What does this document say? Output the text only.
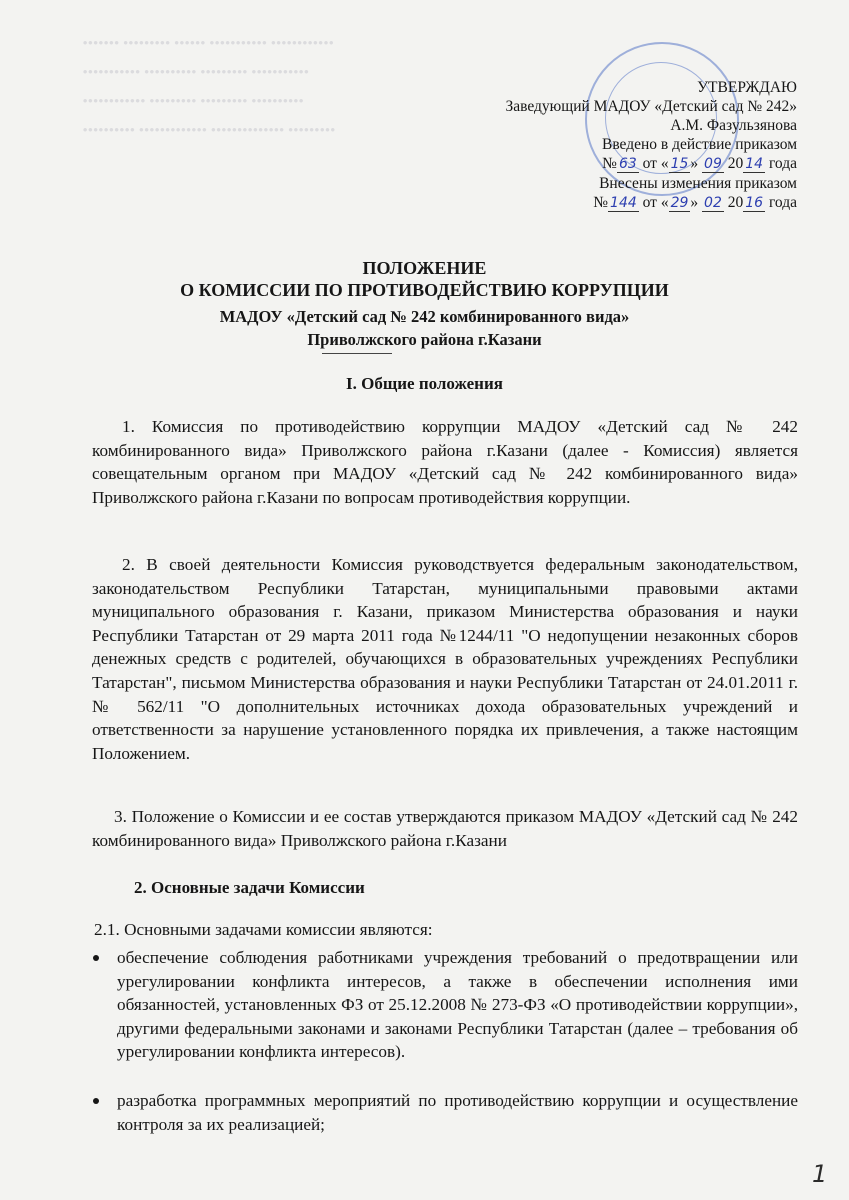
••••••• ••••••••• •••••• ••••••••••• ••••••••••••
••••••••••• •••••••••• ••••••••• •••••••••••
•••••••••••• ••••••••• ••••••••• ••••••••••
•••••••••• ••••••••••••• •••••••••••••• •••••••••
УТВЕРЖДАЮ
Заведующий МАДОУ «Детский сад № 242»
А.М. Фазульзянова
Введено в действие приказом
№ 63 от « 15 » 09 20 14 года
Внесены изменения приказом
№ 144 от « 29 » 02 20 16 года
ПОЛОЖЕНИЕ
О КОМИССИИ ПО ПРОТИВОДЕЙСТВИЮ КОРРУПЦИИ
МАДОУ «Детский сад № 242 комбинированного вида»
Приволжского района г.Казани
I. Общие положения
1. Комиссия по противодействию коррупции МАДОУ «Детский сад № 242 комбинированного вида» Приволжского района г.Казани (далее - Комиссия) является совещательным органом при МАДОУ «Детский сад № 242 комбинированного вида» Приволжского района г.Казани по вопросам противодействия коррупции.
2. В своей деятельности Комиссия руководствуется федеральным законодательством, законодательством Республики Татарстан, муниципальными правовыми актами муниципального образования г. Казани, приказом Министерства образования и науки Республики Татарстан от 29 марта 2011 года №1244/11 "О недопущении незаконных сборов денежных средств с родителей, обучающихся в образовательных учреждениях Республики Татарстан", письмом Министерства образования и науки Республики Татарстан от 24.01.2011 г. № 562/11 "О дополнительных источниках дохода образовательных учреждений и ответственности за нарушение установленного порядка их привлечения, а также настоящим Положением.
3. Положение о Комиссии и ее состав утверждаются приказом МАДОУ «Детский сад № 242 комбинированного вида» Приволжского района г.Казани
2. Основные задачи Комиссии
2.1. Основными задачами комиссии являются:
обеспечение соблюдения работниками учреждения требований о предотвращении или урегулировании конфликта интересов, а также в обеспечении исполнения ими обязанностей, установленных ФЗ от 25.12.2008 № 273-ФЗ «О противодействии коррупции», другими федеральными законами и законами Республики Татарстан (далее – требования об урегулировании конфликта интересов).
разработка программных мероприятий по противодействию коррупции и осуществление контроля за их реализацией;
1
